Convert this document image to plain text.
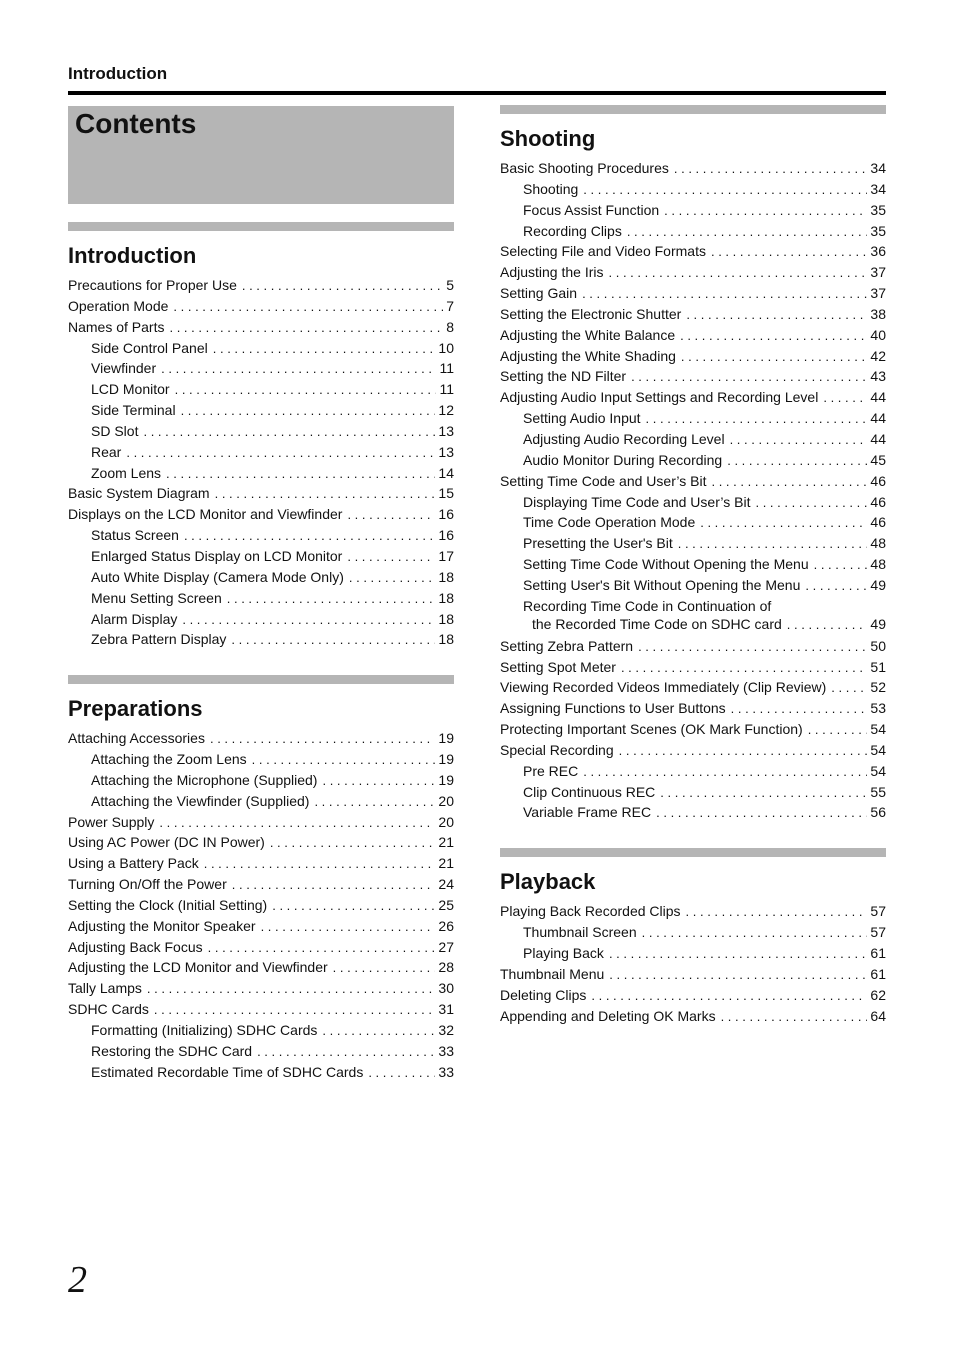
Introduction
Contents
Introduction
Precautions for Proper Use . . .	5
Operation Mode . . .	7
Names of Parts . . .	8
Side Control Panel . . .	10
Viewfinder . . .	11
LCD Monitor . . .	11
Side Terminal . . .	12
SD Slot . . .	13
Rear . . .	13
Zoom Lens . . .	14
Basic System Diagram . . .	15
Displays on the LCD Monitor and Viewfinder . . .	16
Status Screen . . .	16
Enlarged Status Display on LCD Monitor . . .	17
Auto White Display (Camera Mode Only) . . .	18
Menu Setting Screen . . .	18
Alarm Display . . .	18
Zebra Pattern Display . . .	18
Preparations
Attaching Accessories . . .	19
Attaching the Zoom Lens . . .	19
Attaching the Microphone (Supplied) . . .	19
Attaching the Viewfinder (Supplied) . . .	20
Power Supply . . .	20
Using AC Power (DC IN Power) . . .	21
Using a Battery Pack . . .	21
Turning On/Off the Power . . .	24
Setting the Clock (Initial Setting) . . .	25
Adjusting the Monitor Speaker . . .	26
Adjusting Back Focus . . .	27
Adjusting the LCD Monitor and Viewfinder . . .	28
Tally Lamps . . .	30
SDHC Cards . . .	31
Formatting (Initializing) SDHC Cards . . .	32
Restoring the SDHC Card . . .	33
Estimated Recordable Time of SDHC Cards . . .	33
Shooting
Basic Shooting Procedures . . .	34
Shooting . . .	34
Focus Assist Function . . .	35
Recording Clips . . .	35
Selecting File and Video Formats . . .	36
Adjusting the Iris . . .	37
Setting Gain . . .	37
Setting the Electronic Shutter . . .	38
Adjusting the White Balance . . .	40
Adjusting the White Shading . . .	42
Setting the ND Filter . . .	43
Adjusting Audio Input Settings and Recording Level . . .	44
Setting Audio Input . . .	44
Adjusting Audio Recording Level . . .	44
Audio Monitor During Recording . . .	45
Setting Time Code and User’s Bit . . .	46
Displaying Time Code and User’s Bit . . .	46
Time Code Operation Mode . . .	46
Presetting the User's Bit . . .	48
Setting Time Code Without Opening the Menu . . .	48
Setting User's Bit Without Opening the Menu . . .	49
Recording Time Code in Continuation of
the Recorded Time Code on SDHC card . . .	49
Setting Zebra Pattern . . .	50
Setting Spot Meter . . .	51
Viewing Recorded Videos Immediately (Clip Review) . . .	52
Assigning Functions to User Buttons . . .	53
Protecting Important Scenes (OK Mark Function) . . .	54
Special Recording . . .	54
Pre REC . . .	54
Clip Continuous REC . . .	55
Variable Frame REC . . .	56
Playback
Playing Back Recorded Clips . . .	57
Thumbnail Screen . . .	57
Playing Back . . .	61
Thumbnail Menu . . .	61
Deleting Clips . . .	62
Appending and Deleting OK Marks . . .	64
2
